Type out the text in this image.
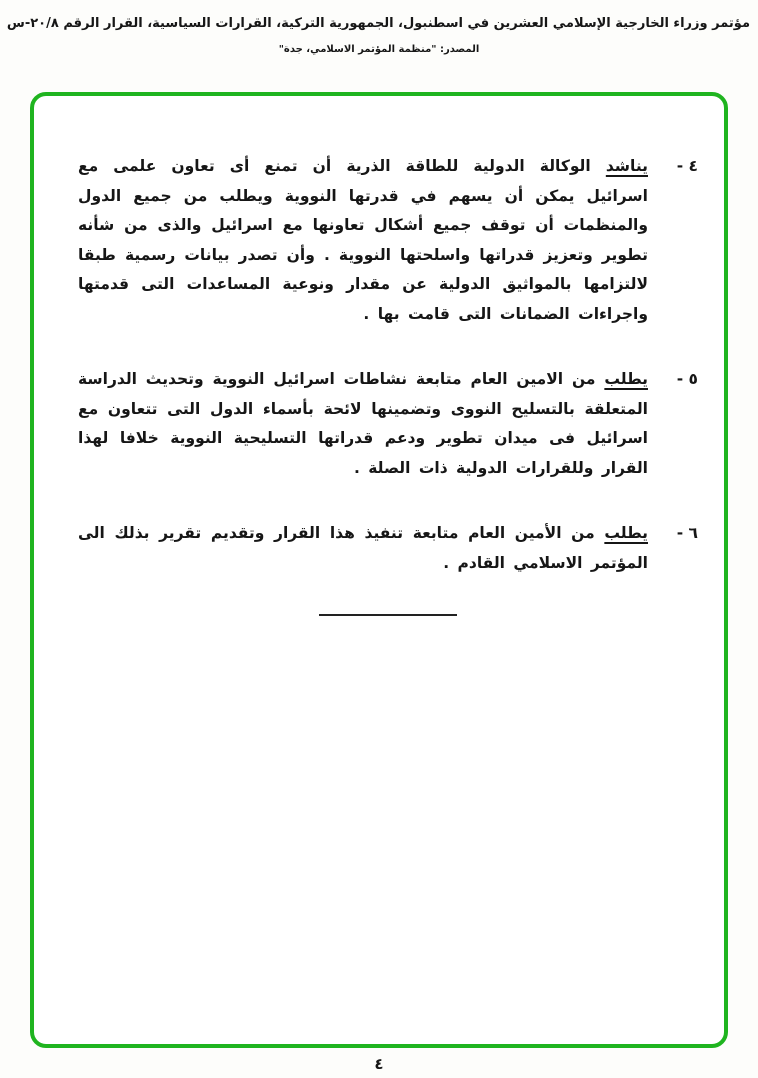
مؤتمر وزراء الخارجية الإسلامي العشرين في اسطنبول، الجمهورية التركية، القرارات السياسية، القرار الرقم ٢٠/٨-س
المصدر: "منظمة المؤتمر الاسلامي، جدة"
٤ -
يناشد الوكالة الدولية للطاقة الذرية أن تمنع أى تعاون علمى مع اسرائيل يمكن أن يسهم في قدرتها النووية ويطلب من جميع الدول والمنظمات أن توقف جميع أشكال تعاونها مع اسرائيل والذى من شأنه تطوير وتعزيز قدراتها واسلحتها النووية . وأن تصدر بيانات رسمية طبقا لالتزامها بالمواثيق الدولية عن مقدار ونوعية المساعدات التى قدمتها واجراءات الضمانات التى قامت بها .
٥ -
يطلب من الامين العام متابعة نشاطات اسرائيل النووية وتحديث الدراسة المتعلقة بالتسليح النووى وتضمينها لائحة بأسماء الدول التى تتعاون مع اسرائيل فى ميدان تطوير ودعم قدراتها التسليحية النووية خلافا لهذا القرار وللقرارات الدولية ذات الصلة .
٦ -
يطلب من الأمين العام متابعة تنفيذ هذا القرار وتقديم تقرير بذلك الى المؤتمر الاسلامي القادم .
٤
